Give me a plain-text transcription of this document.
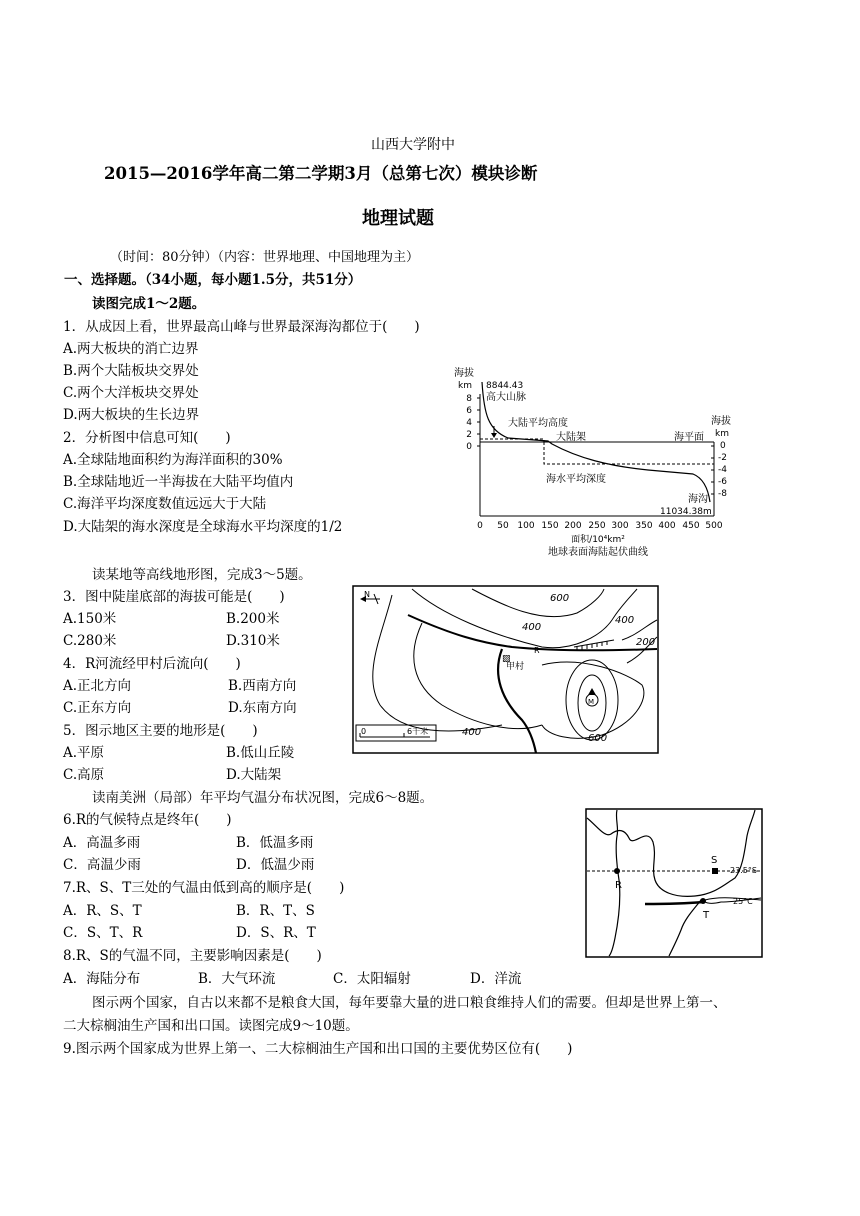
山西大学附中
2015—2016学年高二第二学期3月（总第七次）模块诊断
地理试题
（时间：80分钟）（内容：世界地理、中国地理为主）
一、选择题。（34小题，每小题1.5分，共51分）
读图完成1～2题。
1．从成因上看，世界最高山峰与世界最深海沟都位于(　　)
A.两大板块的消亡边界
B.两个大陆板块交界处
C.两个大洋板块交界处
D.两大板块的生长边界
2．分析图中信息可知(　　)
A.全球陆地面积约为海洋面积的30%
B.全球陆地近一半海拔在大陆平均值内
C.海洋平均深度数值远远大于大陆
D.大陆架的海水深度是全球海水平均深度的1/2
海拔
km 8844.43
高大山脉
海拔
km
8
6
4
2
0	0
-2
-4
-6
-8
大陆平均高度
大陆架	海平面
海水平均深度
海沟
11034.38m
0 50 100 150 200 250 300 350 400 450 500
面积/10⁴km²
地球表面海陆起伏曲线
读某地等高线地形图，完成3～5题。
3．图中陡崖底部的海拔可能是(　　)
A.150米	B.200米
C.280米	D.310米
4．R河流经甲村后流向(　　)
A.正北方向	B.西南方向
C.正东方向	D.东南方向
5．图示地区主要的地形是(　　)
A.平原	B.低山丘陵
C.高原	D.大陆架
N
M
600
400
400
200
400
600
R
▨
甲村
0	6千米
读南美洲（局部）年平均气温分布状况图，完成6～8题。
6.R的气候特点是终年(　　)
A．高温多雨	B．低温多雨
C．高温少雨	D．低温少雨
7.R、S、T三处的气温由低到高的顺序是(　　)
A．R、S、T	B．R、T、S
C．S、T、R	D．S、R、T
8.R、S的气温不同，主要影响因素是(　　)
A．海陆分布	B．大气环流	C．太阳辐射	D．洋流
R
S
T
23.5°S
25°C
图示两个国家，自古以来都不是粮食大国，每年要靠大量的进口粮食维持人们的需要。但却是世界上第一、
二大棕榈油生产国和出口国。读图完成9～10题。
9.图示两个国家成为世界上第一、二大棕榈油生产国和出口国的主要优势区位有(　　)
